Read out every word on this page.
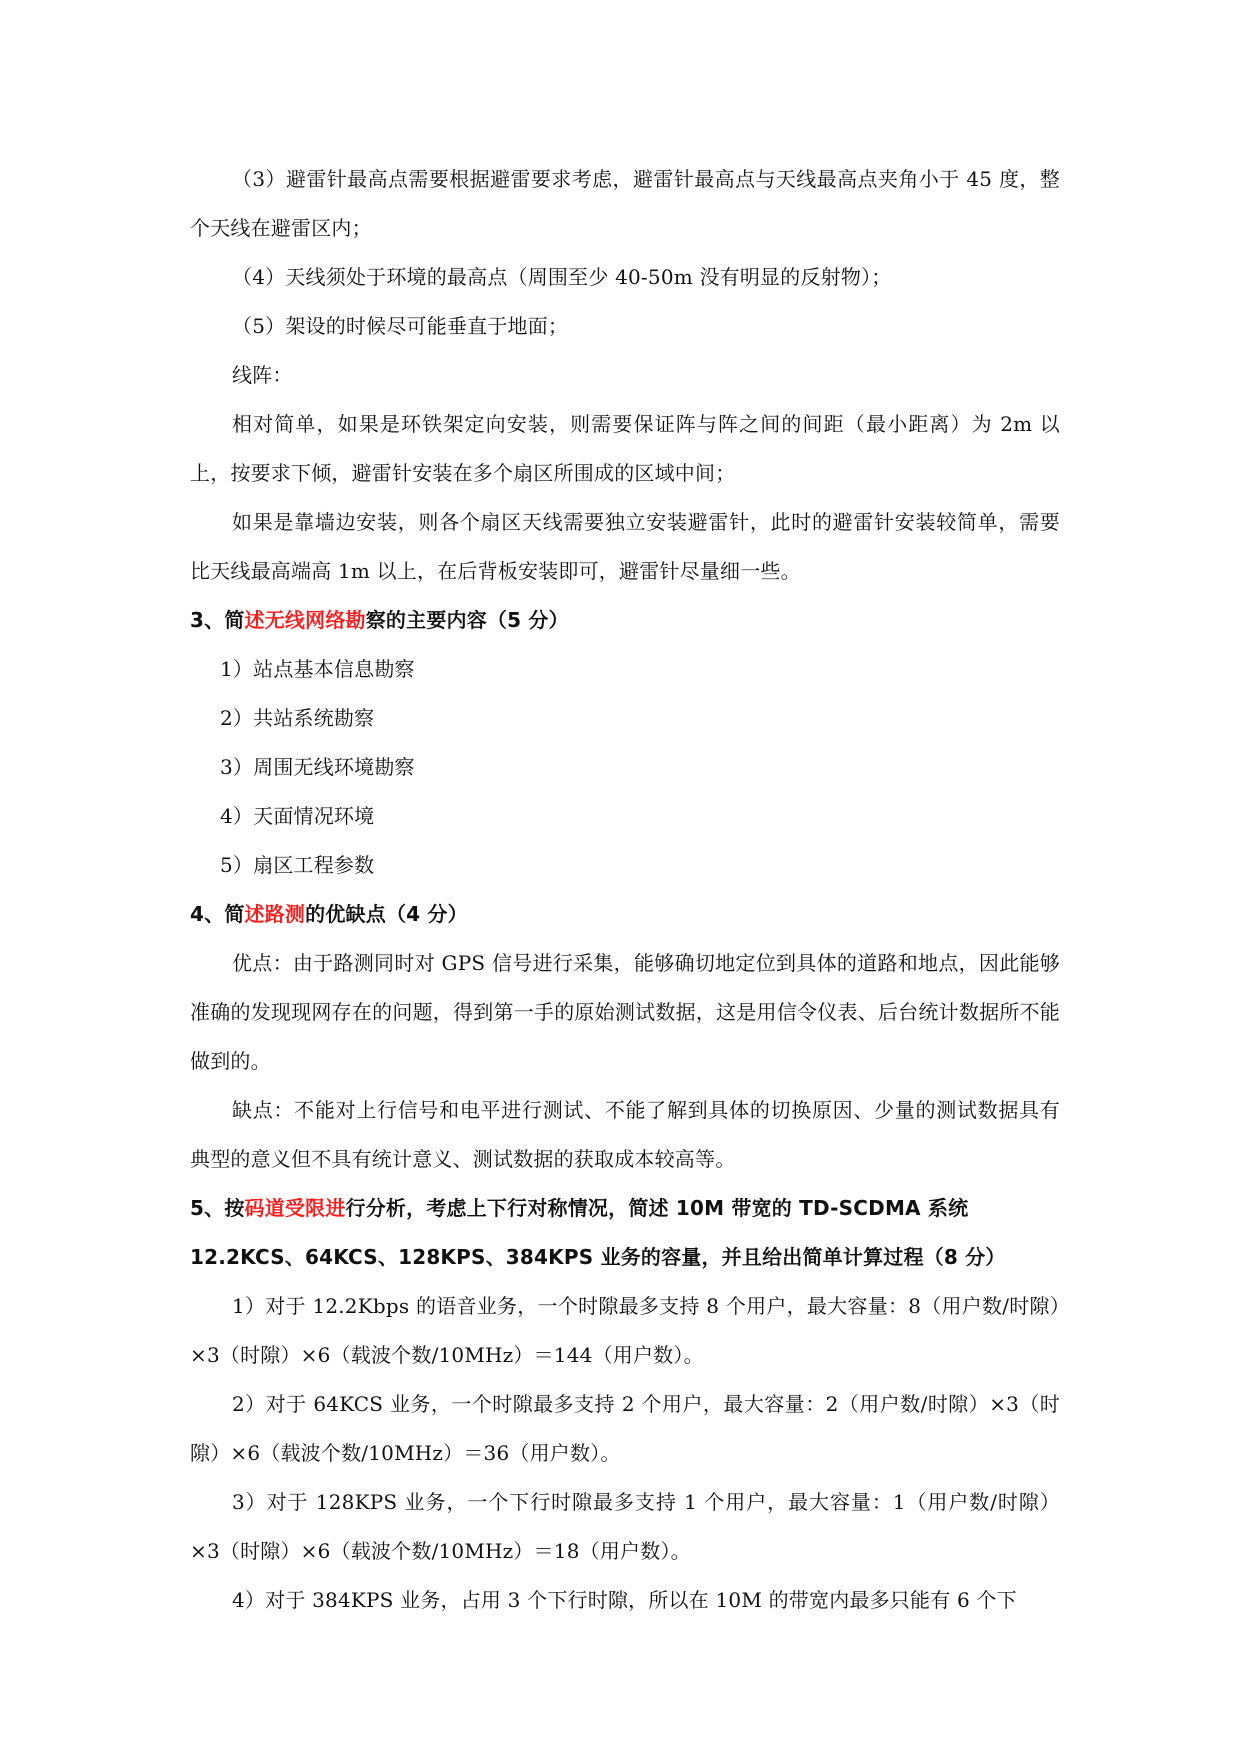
（3）避雷针最高点需要根据避雷要求考虑，避雷针最高点与天线最高点夹角小于 45 度，整个天线在避雷区内；

（4）天线须处于环境的最高点（周围至少 40-50m 没有明显的反射物）；

（5）架设的时候尽可能垂直于地面；

线阵：

相对简单，如果是环铁架定向安装，则需要保证阵与阵之间的间距（最小距离）为 2m 以上，按要求下倾，避雷针安装在多个扇区所围成的区域中间；

如果是靠墙边安装，则各个扇区天线需要独立安装避雷针，此时的避雷针安装较简单，需要比天线最高端高 1m 以上，在后背板安装即可，避雷针尽量细一些。

3、简述无线网络勘察的主要内容（5 分）

1）站点基本信息勘察

2）共站系统勘察

3）周围无线环境勘察

4）天面情况环境

5）扇区工程参数

4、简述路测的优缺点（4 分）

优点：由于路测同时对 GPS 信号进行采集，能够确切地定位到具体的道路和地点，因此能够准确的发现现网存在的问题，得到第一手的原始测试数据，这是用信令仪表、后台统计数据所不能做到的。

缺点：不能对上行信号和电平进行测试、不能了解到具体的切换原因、少量的测试数据具有典型的意义但不具有统计意义、测试数据的获取成本较高等。

5、按码道受限进行分析，考虑上下行对称情况，简述 10M 带宽的 TD-SCDMA 系统 12.2KCS、64KCS、128KPS、384KPS 业务的容量，并且给出简单计算过程（8 分）

1）对于 12.2Kbps 的语音业务，一个时隙最多支持 8 个用户，最大容量：8（用户数/时隙）×3（时隙）×6（载波个数/10MHz）＝144（用户数）。

2）对于 64KCS 业务，一个时隙最多支持 2 个用户，最大容量：2（用户数/时隙）×3（时隙）×6（载波个数/10MHz）＝36（用户数）。

3）对于 128KPS 业务，一个下行时隙最多支持 1 个用户，最大容量：1（用户数/时隙）×3（时隙）×6（载波个数/10MHz）＝18（用户数）。

4）对于 384KPS 业务，占用 3 个下行时隙，所以在 10M 的带宽内最多只能有 6 个下
